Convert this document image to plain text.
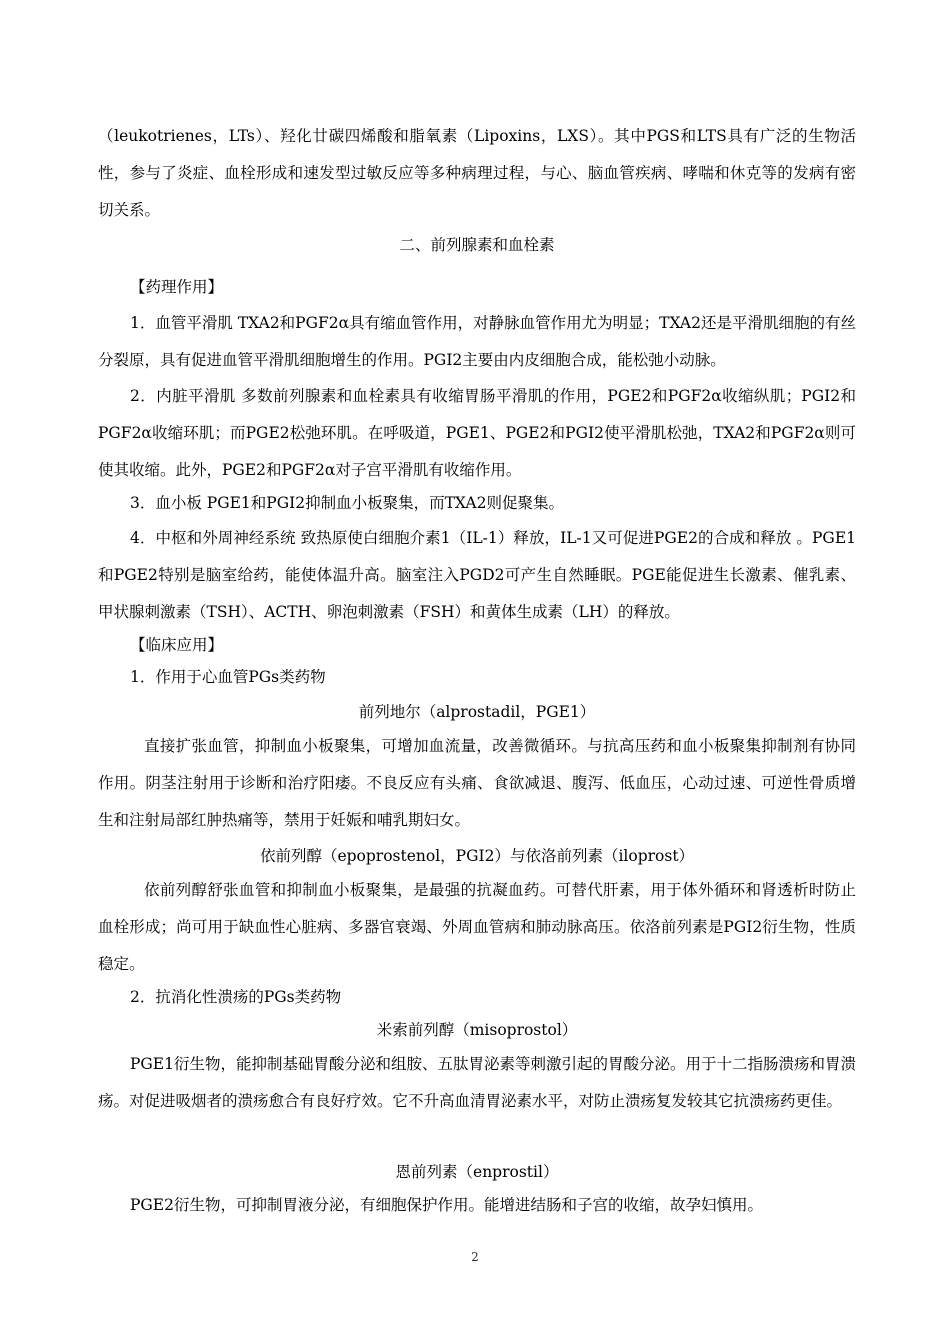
（leukotrienes，LTs）、羟化廿碳四烯酸和脂氧素（Lipoxins，LXS）。其中PGS和LTS具有广泛的生物活性，参与了炎症、血栓形成和速发型过敏反应等多种病理过程，与心、脑血管疾病、哮喘和休克等的发病有密切关系。

二、前列腺素和血栓素

【药理作用】

1．血管平滑肌 TXA2和PGF2α具有缩血管作用，对静脉血管作用尤为明显；TXA2还是平滑肌细胞的有丝分裂原，具有促进血管平滑肌细胞增生的作用。PGI2主要由内皮细胞合成，能松弛小动脉。

2．内脏平滑肌 多数前列腺素和血栓素具有收缩胃肠平滑肌的作用，PGE2和PGF2α收缩纵肌；PGI2和PGF2α收缩环肌；而PGE2松弛环肌。在呼吸道，PGE1、PGE2和PGI2使平滑肌松弛，TXA2和PGF2α则可使其收缩。此外，PGE2和PGF2α对子宫平滑肌有收缩作用。

3．血小板 PGE1和PGI2抑制血小板聚集，而TXA2则促聚集。

4．中枢和外周神经系统 致热原使白细胞介素1（IL-1）释放，IL-1又可促进PGE2的合成和释放 。PGE1和PGE2特别是脑室给药，能使体温升高。脑室注入PGD2可产生自然睡眠。PGE能促进生长激素、催乳素、甲状腺刺激素（TSH）、ACTH、卵泡刺激素（FSH）和黄体生成素（LH）的释放。

【临床应用】

1．作用于心血管PGs类药物

前列地尔（alprostadil，PGE1）

直接扩张血管，抑制血小板聚集，可增加血流量，改善微循环。与抗高压药和血小板聚集抑制剂有协同作用。阴茎注射用于诊断和治疗阳痿。不良反应有头痛、食欲减退、腹泻、低血压，心动过速、可逆性骨质增生和注射局部红肿热痛等，禁用于妊娠和哺乳期妇女。

依前列醇（epoprostenol，PGI2）与依洛前列素（iloprost）

依前列醇舒张血管和抑制血小板聚集，是最强的抗凝血药。可替代肝素，用于体外循环和肾透析时防止血栓形成；尚可用于缺血性心脏病、多器官衰竭、外周血管病和肺动脉高压。依洛前列素是PGI2衍生物，性质稳定。

2．抗消化性溃疡的PGs类药物

米索前列醇（misoprostol）

PGE1衍生物，能抑制基础胃酸分泌和组胺、五肽胃泌素等刺激引起的胃酸分泌。用于十二指肠溃疡和胃溃疡。对促进吸烟者的溃疡愈合有良好疗效。它不升高血清胃泌素水平，对防止溃疡复发较其它抗溃疡药更佳。

恩前列素（enprostil）

PGE2衍生物，可抑制胃液分泌，有细胞保护作用。能增进结肠和子宫的收缩，故孕妇慎用。

2
